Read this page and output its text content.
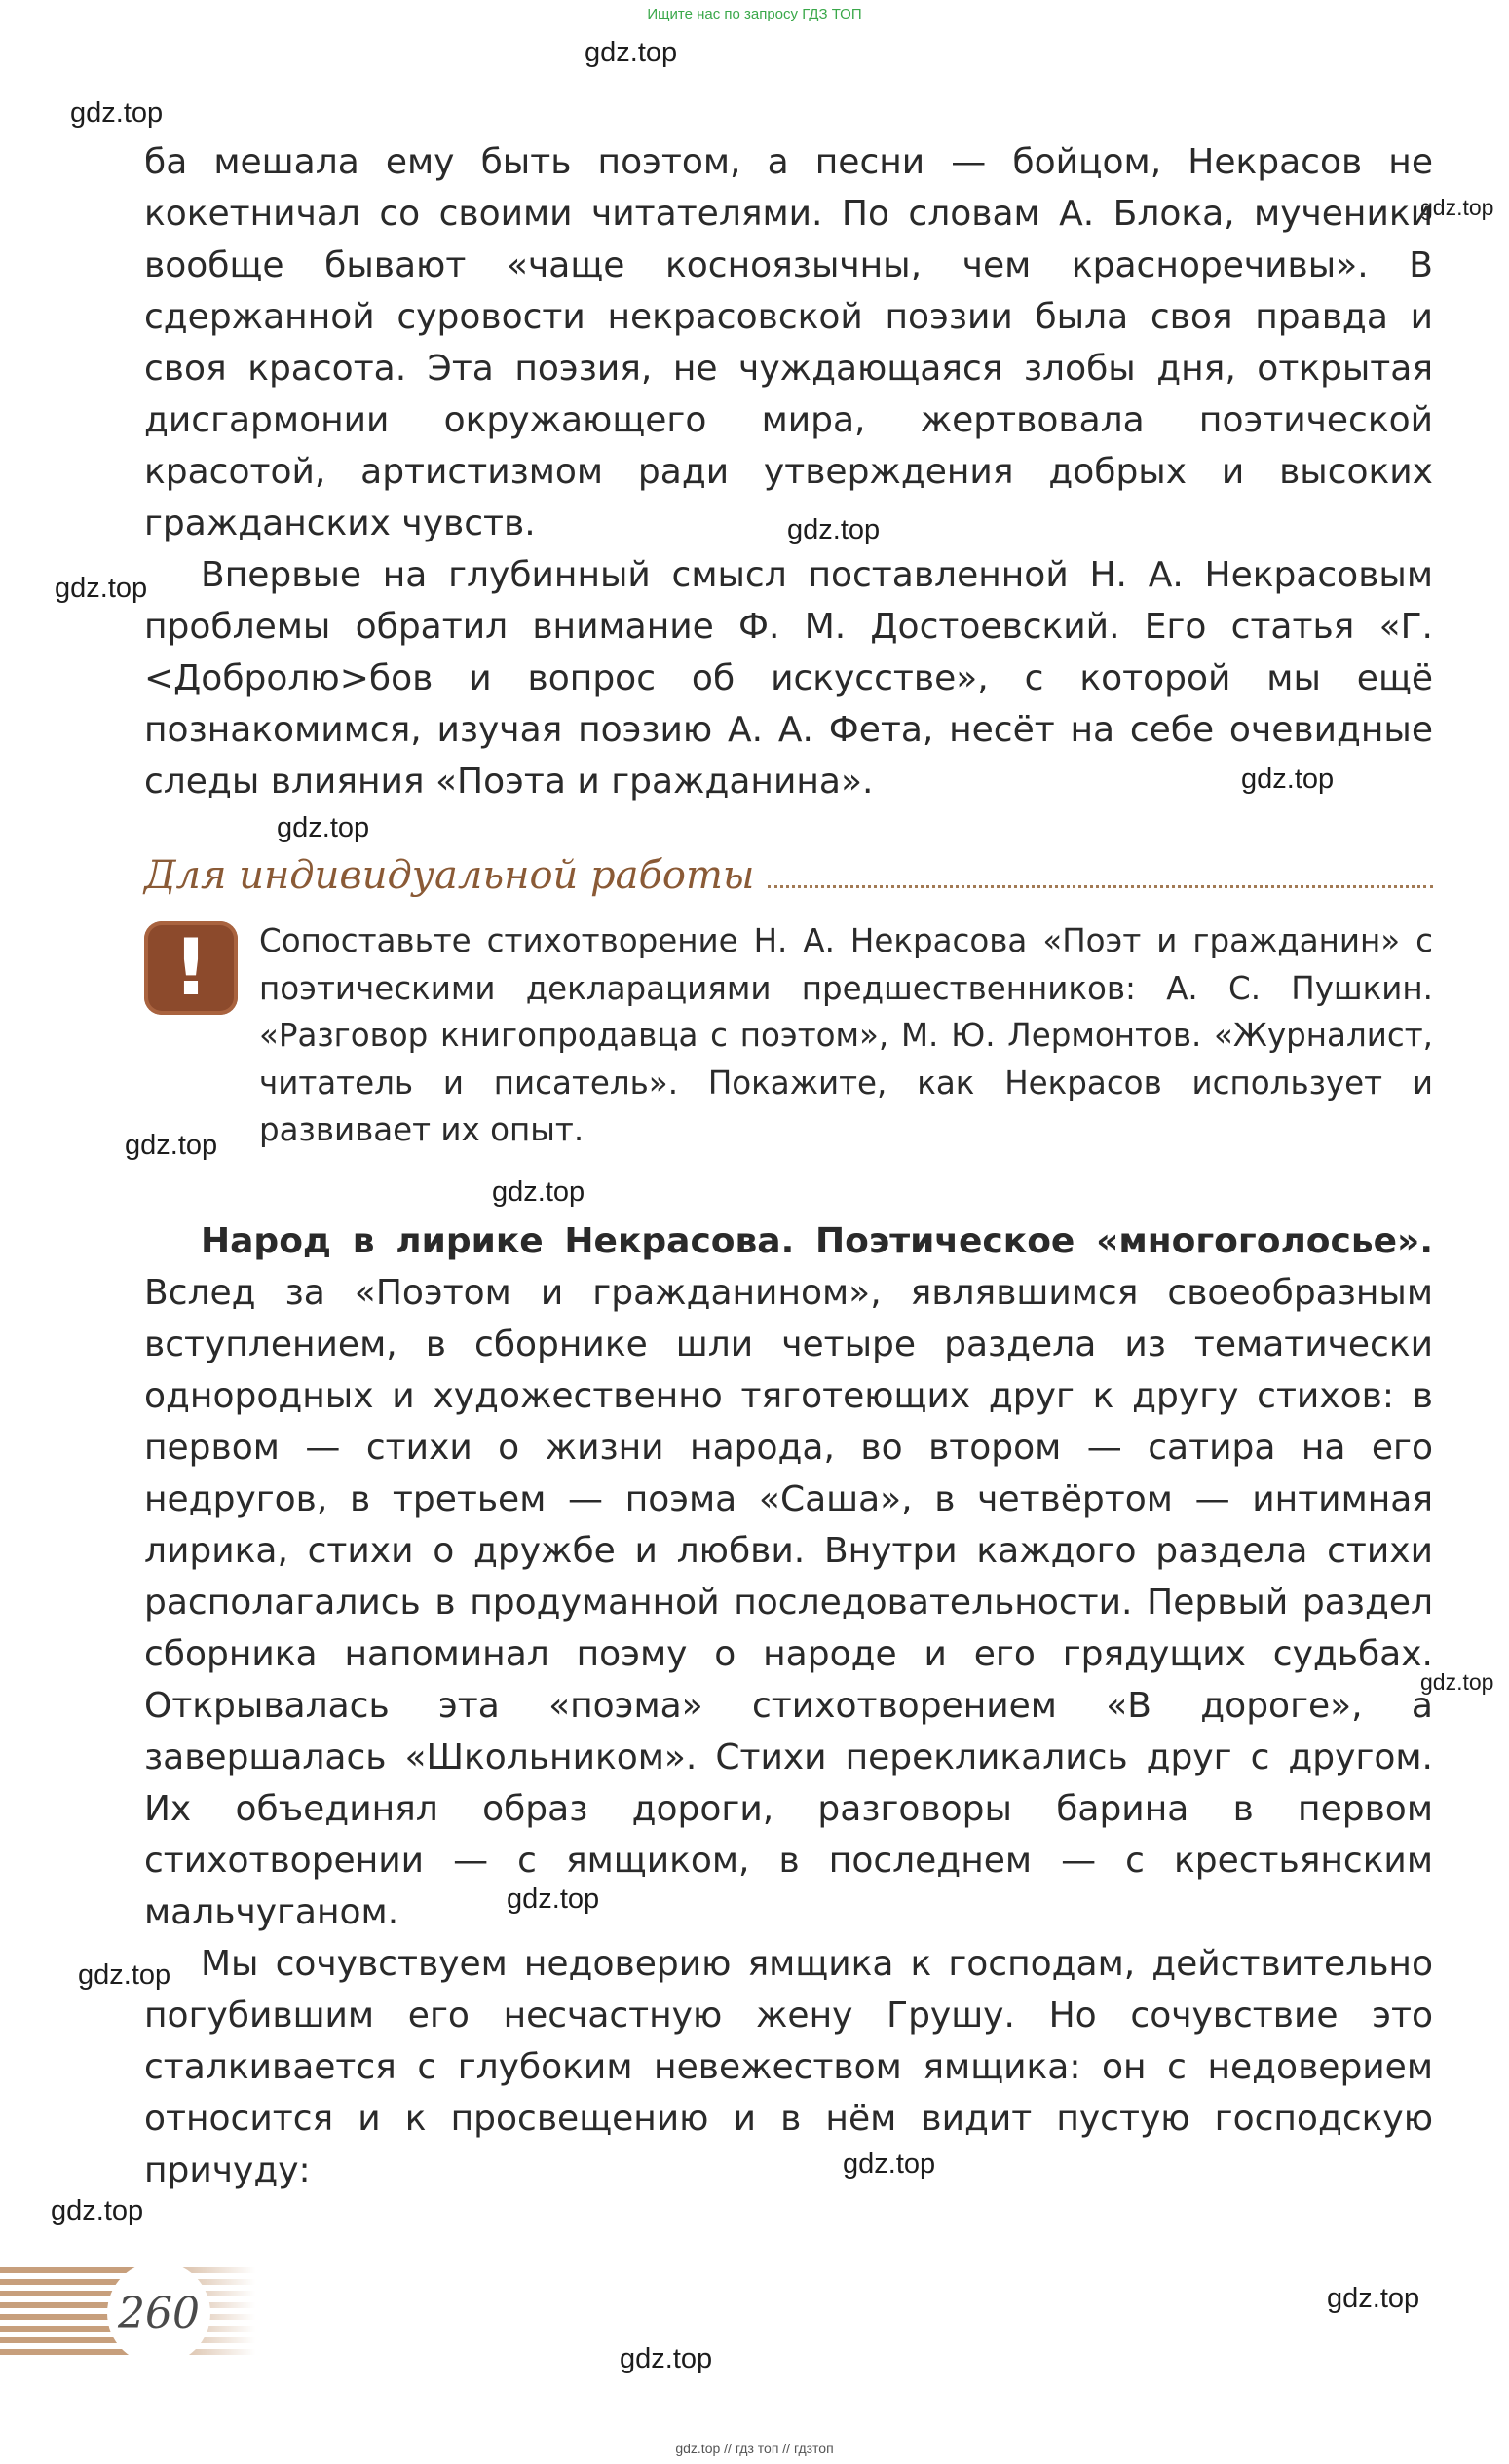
Ищите нас по запросу ГДЗ ТОП
gdz.top
gdz.top
gdz.top
gdz.top
gdz.top
gdz.top
gdz.top
gdz.top
gdz.top
gdz.top
gdz.top
gdz.top
gdz.top
gdz.top
gdz.top
gdz.top

ба мешала ему быть поэтом, а песни — бойцом, Некрасов не кокетничал со своими читателями. По словам А. Блока, мученики вообще бывают «чаще косноязычны, чем красноречивы». В сдержанной суровости некрасовской поэзии была своя правда и своя красота. Эта поэзия, не чуждающаяся злобы дня, открытая дисгармонии окружающего мира, жертвовала поэтической красотой, артистизмом ради утверждения добрых и высоких гражданских чувств.

Впервые на глубинный смысл поставленной Н. А. Некрасовым проблемы обратил внимание Ф. М. Достоевский. Его статья «Г. <Добролю>бов и вопрос об искусстве», с которой мы ещё познакомимся, изучая поэзию А. А. Фета, несёт на себе очевидные следы влияния «Поэта и гражданина».

Для индивидуальной работы
! Сопоставьте стихотворение Н. А. Некрасова «Поэт и гражданин» с поэтическими декларациями предшественников: А. С. Пушкин. «Разговор книгопродавца с поэтом», М. Ю. Лермонтов. «Журналист, читатель и писатель». Покажите, как Некрасов использует и развивает их опыт.

Народ в лирике Некрасова. Поэтическое «многоголосье». Вслед за «Поэтом и гражданином», являвшимся своеобразным вступлением, в сборнике шли четыре раздела из тематически однородных и художественно тяготеющих друг к другу стихов: в первом — стихи о жизни народа, во втором — сатира на его недругов, в третьем — поэма «Саша», в четвёртом — интимная лирика, стихи о дружбе и любви. Внутри каждого раздела стихи располагались в продуманной последовательности. Первый раздел сборника напоминал поэму о народе и его грядущих судьбах. Открывалась эта «поэма» стихотворением «В дороге», а завершалась «Школьником». Стихи перекликались друг с другом. Их объединял образ дороги, разговоры барина в первом стихотворении — с ямщиком, в последнем — с крестьянским мальчуганом.

Мы сочувствуем недоверию ямщика к господам, действительно погубившим его несчастную жену Грушу. Но сочувствие это сталкивается с глубоким невежеством ямщика: он с недоверием относится и к просвещению и в нём видит пустую господскую причуду:

260
gdz.top // гдз топ // гдзтоп
